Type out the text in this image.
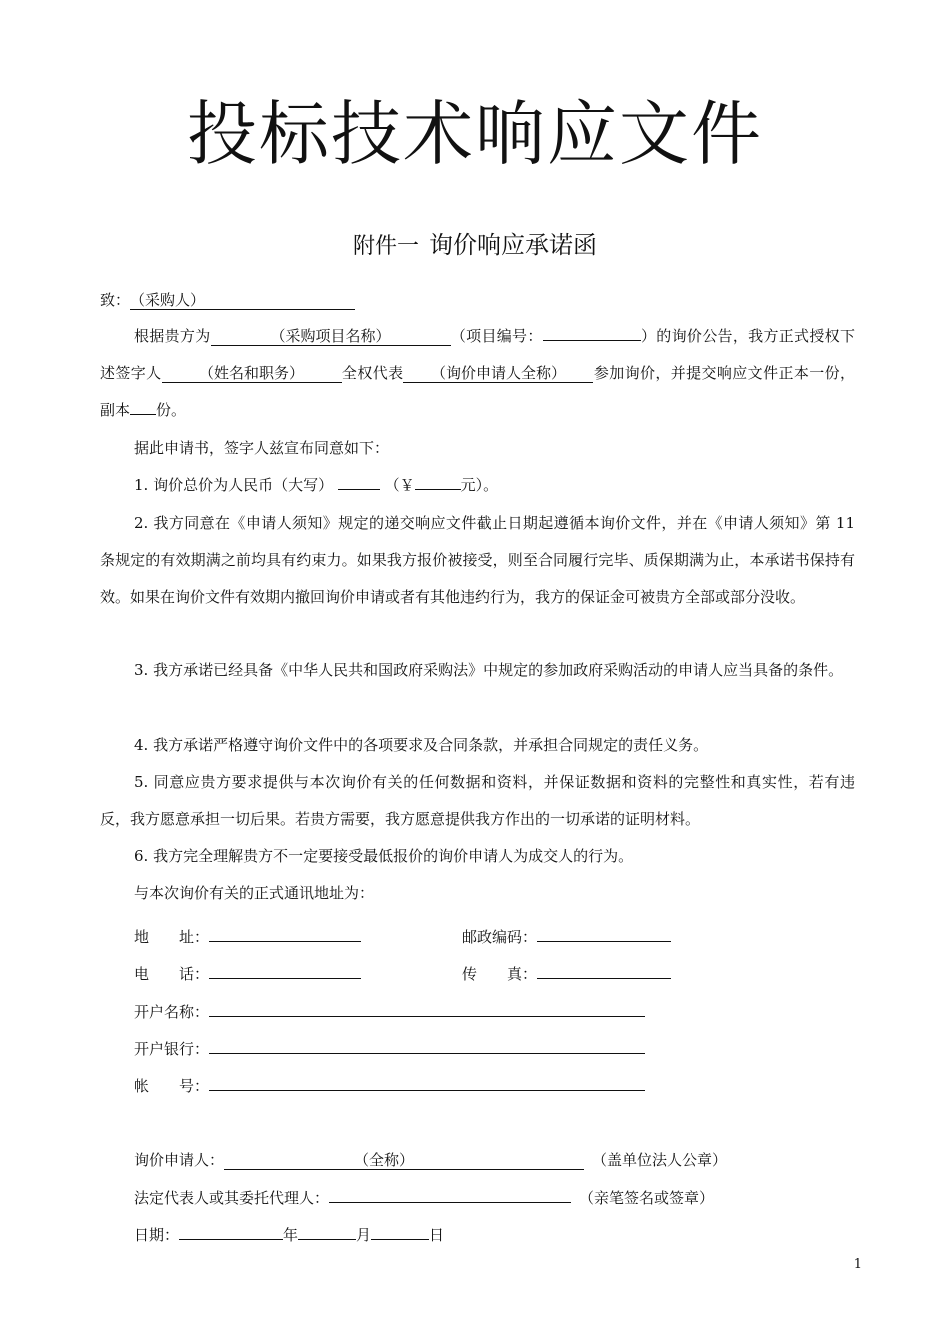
投标技术响应文件
附件一 询价响应承诺函
致：（采购人）
根据贵方为	（采购项目名称）	（项目编号：	）的询价公告，我方正式授权下述签字人 （姓名和职务）	全权代表 （询价申请人全称） 参加询价，并提交响应文件正本一份，副本 份。
据此申请书，签字人兹宣布同意如下：
1. 询价总价为人民币（大写）	（￥	元）。
2. 我方同意在《申请人须知》规定的递交响应文件截止日期起遵循本询价文件，并在《申请人须知》第 11 条规定的有效期满之前均具有约束力。如果我方报价被接受，则至合同履行完毕、质保期满为止，本承诺书保持有效。如果在询价文件有效期内撤回询价申请或者有其他违约行为，我方的保证金可被贵方全部或部分没收。
3. 我方承诺已经具备《中华人民共和国政府采购法》中规定的参加政府采购活动的申请人应当具备的条件。
4. 我方承诺严格遵守询价文件中的各项要求及合同条款，并承担合同规定的责任义务。
5. 同意应贵方要求提供与本次询价有关的任何数据和资料，并保证数据和资料的完整性和真实性，若有违反，我方愿意承担一切后果。若贵方需要，我方愿意提供我方作出的一切承诺的证明材料。
6. 我方完全理解贵方不一定要接受最低报价的询价申请人为成交人的行为。
与本次询价有关的正式通讯地址为：
地　　址：	邮政编码：
电　　话：	传　　真：
开户名称：
开户银行：
帐　　号：
询价申请人：	（全称）	（盖单位法人公章）
法定代表人或其委托代理人：	（亲笔签名或签章）
日期：	年	月	日
1
